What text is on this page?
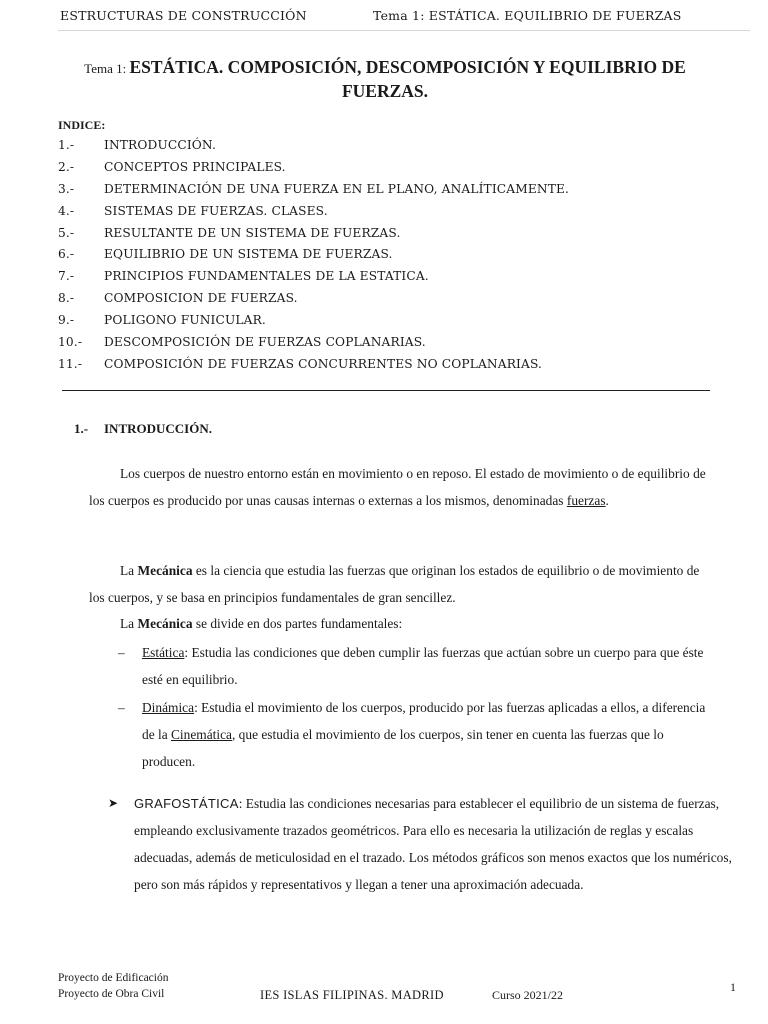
ESTRUCTURAS DE CONSTRUCCIÓN	Tema 1: ESTÁTICA. EQUILIBRIO DE FUERZAS
Tema 1: ESTÁTICA. COMPOSICIÓN, DESCOMPOSICIÓN Y EQUILIBRIO DE
FUERZAS.
INDICE:
1.- INTRODUCCIÓN.
2.- CONCEPTOS PRINCIPALES.
3.- DETERMINACIÓN DE UNA FUERZA EN EL PLANO, ANALÍTICAMENTE.
4.- SISTEMAS DE FUERZAS. CLASES.
5.- RESULTANTE DE UN SISTEMA DE FUERZAS.
6.- EQUILIBRIO DE UN SISTEMA DE FUERZAS.
7.- PRINCIPIOS FUNDAMENTALES DE LA ESTATICA.
8.- COMPOSICION DE FUERZAS.
9.- POLIGONO FUNICULAR.
10.- DESCOMPOSICIÓN DE FUERZAS COPLANARIAS.
11.- COMPOSICIÓN DE FUERZAS CONCURRENTES NO COPLANARIAS.
1.- INTRODUCCIÓN.
Los cuerpos de nuestro entorno están en movimiento o en reposo. El estado de movimiento o de equilibrio de los cuerpos es producido por unas causas internas o externas a los mismos, denominadas fuerzas.
La Mecánica es la ciencia que estudia las fuerzas que originan los estados de equilibrio o de movimiento de los cuerpos, y se basa en principios fundamentales de gran sencillez.
La Mecánica se divide en dos partes fundamentales:
– Estática: Estudia las condiciones que deben cumplir las fuerzas que actúan sobre un cuerpo para que éste esté en equilibrio.
– Dinámica: Estudia el movimiento de los cuerpos, producido por las fuerzas aplicadas a ellos, a diferencia de la Cinemática, que estudia el movimiento de los cuerpos, sin tener en cuenta las fuerzas que lo producen.
➤ GRAFOSTÁTICA: Estudia las condiciones necesarias para establecer el equilibrio de un sistema de fuerzas, empleando exclusivamente trazados geométricos. Para ello es necesaria la utilización de reglas y escalas adecuadas, además de meticulosidad en el trazado. Los métodos gráficos son menos exactos que los numéricos, pero son más rápidos y representativos y llegan a tener una aproximación adecuada.
Proyecto de Edificación
Proyecto de Obra Civil	IES ISLAS FILIPINAS. MADRID	Curso 2021/22
1
